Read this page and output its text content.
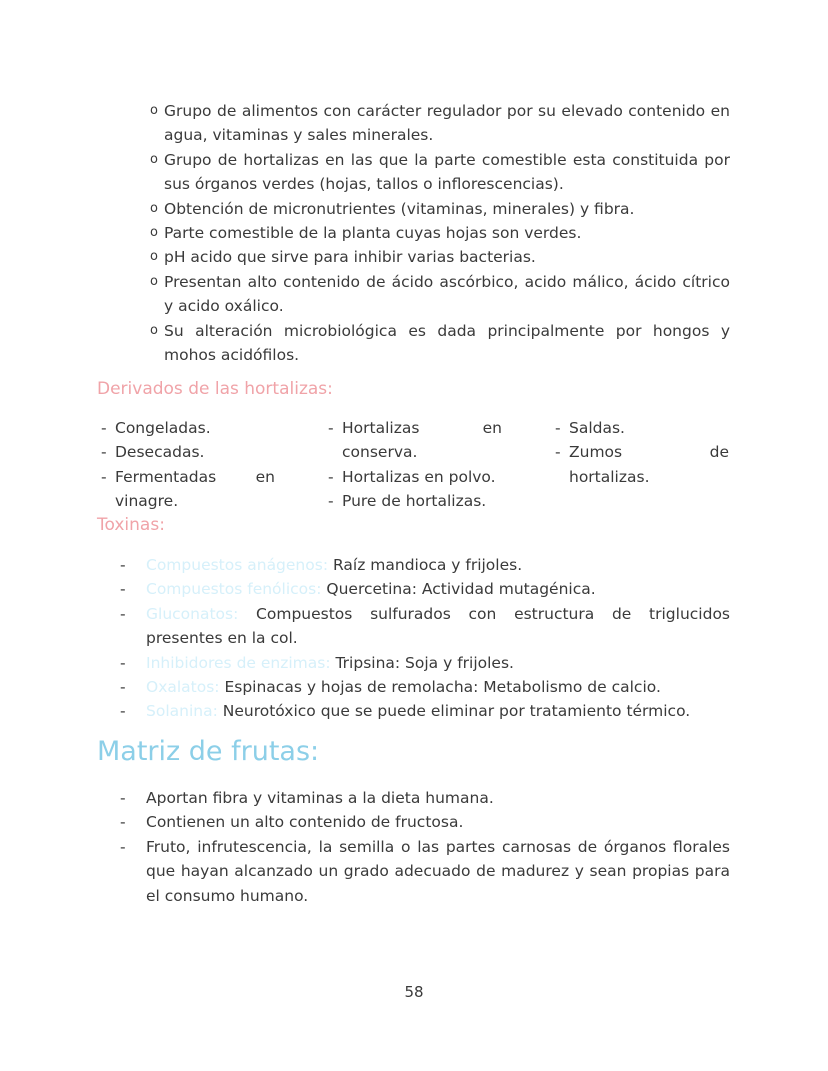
o Grupo de alimentos con carácter regulador por su elevado contenido en agua, vitaminas y sales minerales.
o Grupo de hortalizas en las que la parte comestible esta constituida por sus órganos verdes (hojas, tallos o inflorescencias).
o Obtención de micronutrientes (vitaminas, minerales) y fibra.
o Parte comestible de la planta cuyas hojas son verdes.
o pH acido que sirve para inhibir varias bacterias.
o Presentan alto contenido de ácido ascórbico, acido málico, ácido cítrico y acido oxálico.
o Su alteración microbiológica es dada principalmente por hongos y mohos acidófilos.
Derivados de las hortalizas:
- Congeladas.
- Desecadas.
- Fermentadas en vinagre.
- Hortalizas en conserva.
- Hortalizas en polvo.
- Pure de hortalizas.
- Saldas.
- Zumos de hortalizas.
Toxinas:
- Compuestos anágenos: Raíz mandioca y frijoles.
- Compuestos fenólicos: Quercetina: Actividad mutagénica.
- Gluconatos: Compuestos sulfurados con estructura de triglucidos presentes en la col.
- Inhibidores de enzimas: Tripsina: Soja y frijoles.
- Oxalatos: Espinacas y hojas de remolacha: Metabolismo de calcio.
- Solanina: Neurotóxico que se puede eliminar por tratamiento térmico.
Matriz de frutas:
- Aportan fibra y vitaminas a la dieta humana.
- Contienen un alto contenido de fructosa.
- Fruto, infrutescencia, la semilla o las partes carnosas de órganos florales que hayan alcanzado un grado adecuado de madurez y sean propias para el consumo humano.
58
